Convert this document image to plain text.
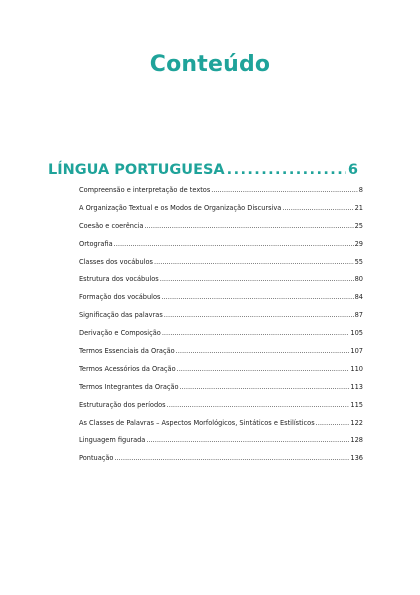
Conteúdo
LÍNGUA PORTUGUESA .....	6
Compreensão e interpretação de textos .....	8
A Organização Textual e os Modos de Organização Discursiva .....	21
Coesão e coerência .....	25
Ortografia .....	29
Classes dos vocábulos .....	55
Estrutura dos vocábulos .....	80
Formação dos vocábulos .....	84
Significação das palavras .....	87
Derivação e Composição .....	105
Termos Essenciais da Oração .....	107
Termos Acessórios da Oração .....	110
Termos Integrantes da Oração .....	113
Estruturação dos períodos .....	115
As Classes de Palavras – Aspectos Morfológicos, Sintáticos e Estilísticos .....	122
Linguagem figurada .....	128
Pontuação .....	136
